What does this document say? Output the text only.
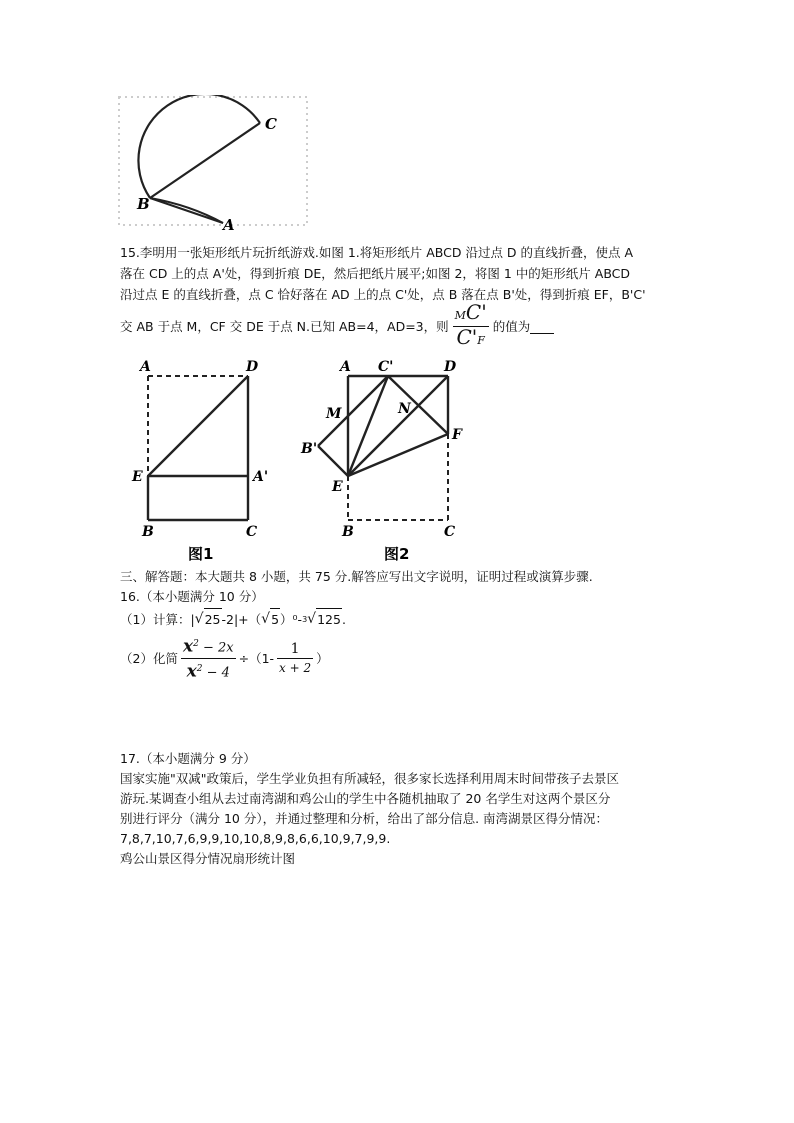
C
B
A
15.李明用一张矩形纸片玩折纸游戏.如图 1.将矩形纸片 ABCD 沿过点 D 的直线折叠，使点 A
落在 CD 上的点 A'处，得到折痕 DE，然后把纸片展平;如图 2，将图 1 中的矩形纸片 ABCD
沿过点 E 的直线折叠，点 C 恰好落在 AD 上的点 C'处，点 B 落在点 B'处，得到折痕 EF，B'C'
交 AB 于点 M，CF 交 DE 于点 N.已知 AB=4，AD=3，则 $\frac{MC'}{C'F}$ 的值为
A	D
E	A'
B	C
图1
A C'	D
M	N
B'
F
E
B	C
图2
三、解答题：本大题共 8 小题，共 75 分.解答应写出文字说明，证明过程或演算步骤.
16.（本小题满分 10 分）
（1）计算：| √ 25 -2|+（ √ 5 ）⁰- 3 √ 125 .
（2）化简 $\frac{x^2 - 2x}{x^2 - 4} \div(1- \frac{1}{x + 2}$ ）
17.（本小题满分 9 分）
国家实施"双减"政策后，学生学业负担有所减轻，很多家长选择利用周末时间带孩子去景区
游玩.某调查小组从去过南湾湖和鸡公山的学生中各随机抽取了 20 名学生对这两个景区分
别进行评分（满分 10 分），并通过整理和分析，给出了部分信息. 南湾湖景区得分情况：
7,8,7,10,7,6,9,9,10,10,8,9,8,6,6,10,9,7,9,9.
鸡公山景区得分情况扇形统计图
